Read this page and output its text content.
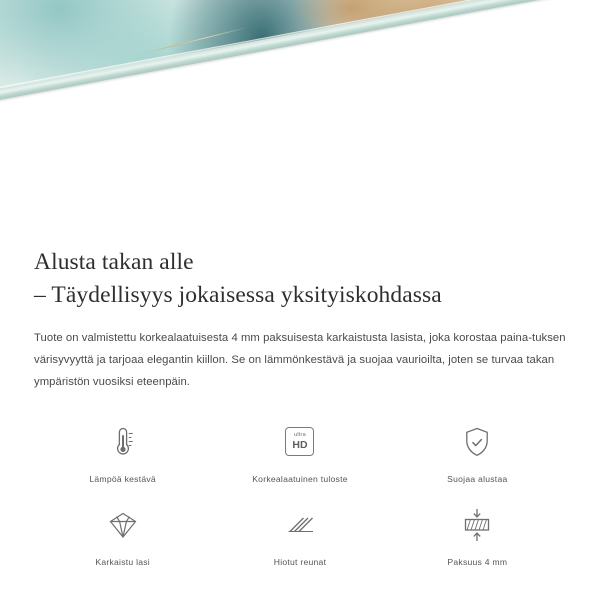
✦
✦
✦
Alusta takan alle
– Täydellisyys jokaisessa yksityiskohdassa

Tuote on valmistettu korkealaatuisesta 4 mm paksuisesta karkaistusta lasista, joka korostaa paina-tuksen värisyvyyttä ja tarjoaa elegantin kiillon. Se on lämmönkestävä ja suojaa vaurioilta, joten se turvaa takan ympäristön vuosiksi eteenpäin.

Lämpöä kestävä
ultra
HD
Korkealaatuinen tuloste	Suojaa alustaa
Karkaistu lasi	Hiotut reunat	Paksuus 4 mm
